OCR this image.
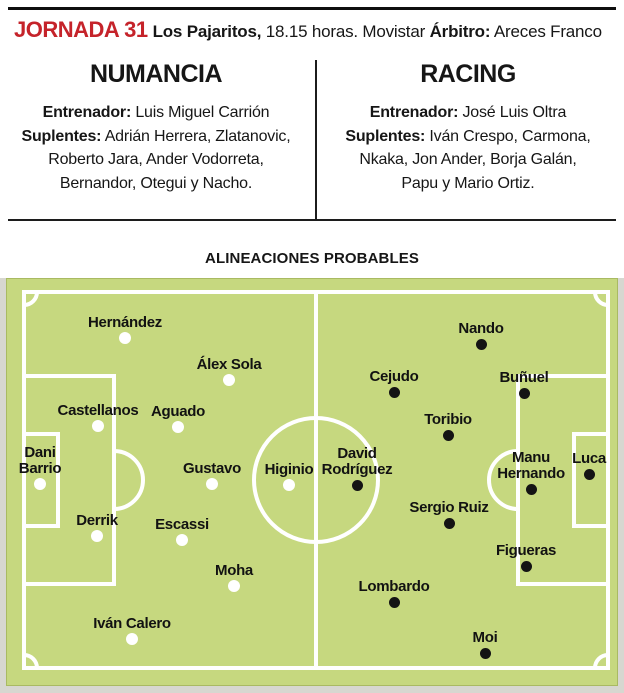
JORNADA 31 Los Pajaritos, 18.15 horas. Movistar Árbitro: Areces Franco
NUMANCIA
Entrenador: Luis Miguel Carrión
Suplentes: Adrián Herrera, Zlatanovic,
Roberto Jara, Ander Vodorreta,
Bernandor, Otegui y Nacho.
RACING
Entrenador: José Luis Oltra
Suplentes: Iván Crespo, Carmona,
Nkaka, Jon Ander, Borja Galán,
Papu y Mario Ortiz.
ALINEACIONES PROBABLES
Hernández
Álex Sola
Castellanos Aguado
Dani
Barrio	Gustavo Higinio
Derrik Escassi
Moha
Iván Calero
Nando
Cejudo	Buñuel
Toribio
David
Rodríguez
Manu
Hernando
Luca
Sergio Ruiz
Figueras
Lombardo
Moi
